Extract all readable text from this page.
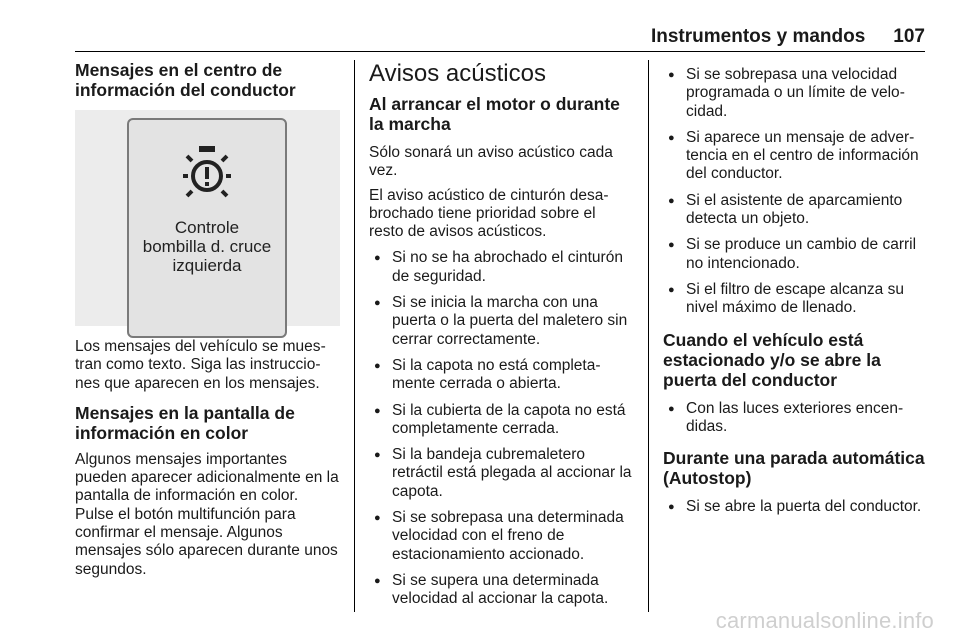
Instrumentos y mandos 107
Mensajes en el centro de información del conductor
Controle
bombilla d. cruce
izquierda

Los mensajes del vehículo se muestran como texto. Siga las instrucciones que aparecen en los mensajes.

Mensajes en la pantalla de información en color

Algunos mensajes importantes pueden aparecer adicionalmente en la pantalla de información en color. Pulse el botón multifunción para confirmar el mensaje. Algunos mensajes sólo aparecen durante unos segundos.

Avisos acústicos
Al arrancar el motor o durante la marcha

Sólo sonará un aviso acústico cada vez.

El aviso acústico de cinturón desabrochado tiene prioridad sobre el resto de avisos acústicos.

● Si no se ha abrochado el cinturón de seguridad.
● Si se inicia la marcha con una puerta o la puerta del maletero sin cerrar correctamente.
● Si la capota no está completamente cerrada o abierta.
● Si la cubierta de la capota no está completamente cerrada.
● Si la bandeja cubremaletero retráctil está plegada al accionar la capota.
● Si se sobrepasa una determinada velocidad con el freno de estacionamiento accionado.
● Si se supera una determinada velocidad al accionar la capota.
● Si se sobrepasa una velocidad programada o un límite de velocidad.
● Si aparece un mensaje de advertencia en el centro de información del conductor.
● Si el asistente de aparcamiento detecta un objeto.
● Si se produce un cambio de carril no intencionado.
● Si el filtro de escape alcanza su nivel máximo de llenado.
Cuando el vehículo está estacionado y/o se abre la puerta del conductor
● Con las luces exteriores encendidas.
Durante una parada automática (Autostop)
● Si se abre la puerta del conductor.
carmanualsonline.info
